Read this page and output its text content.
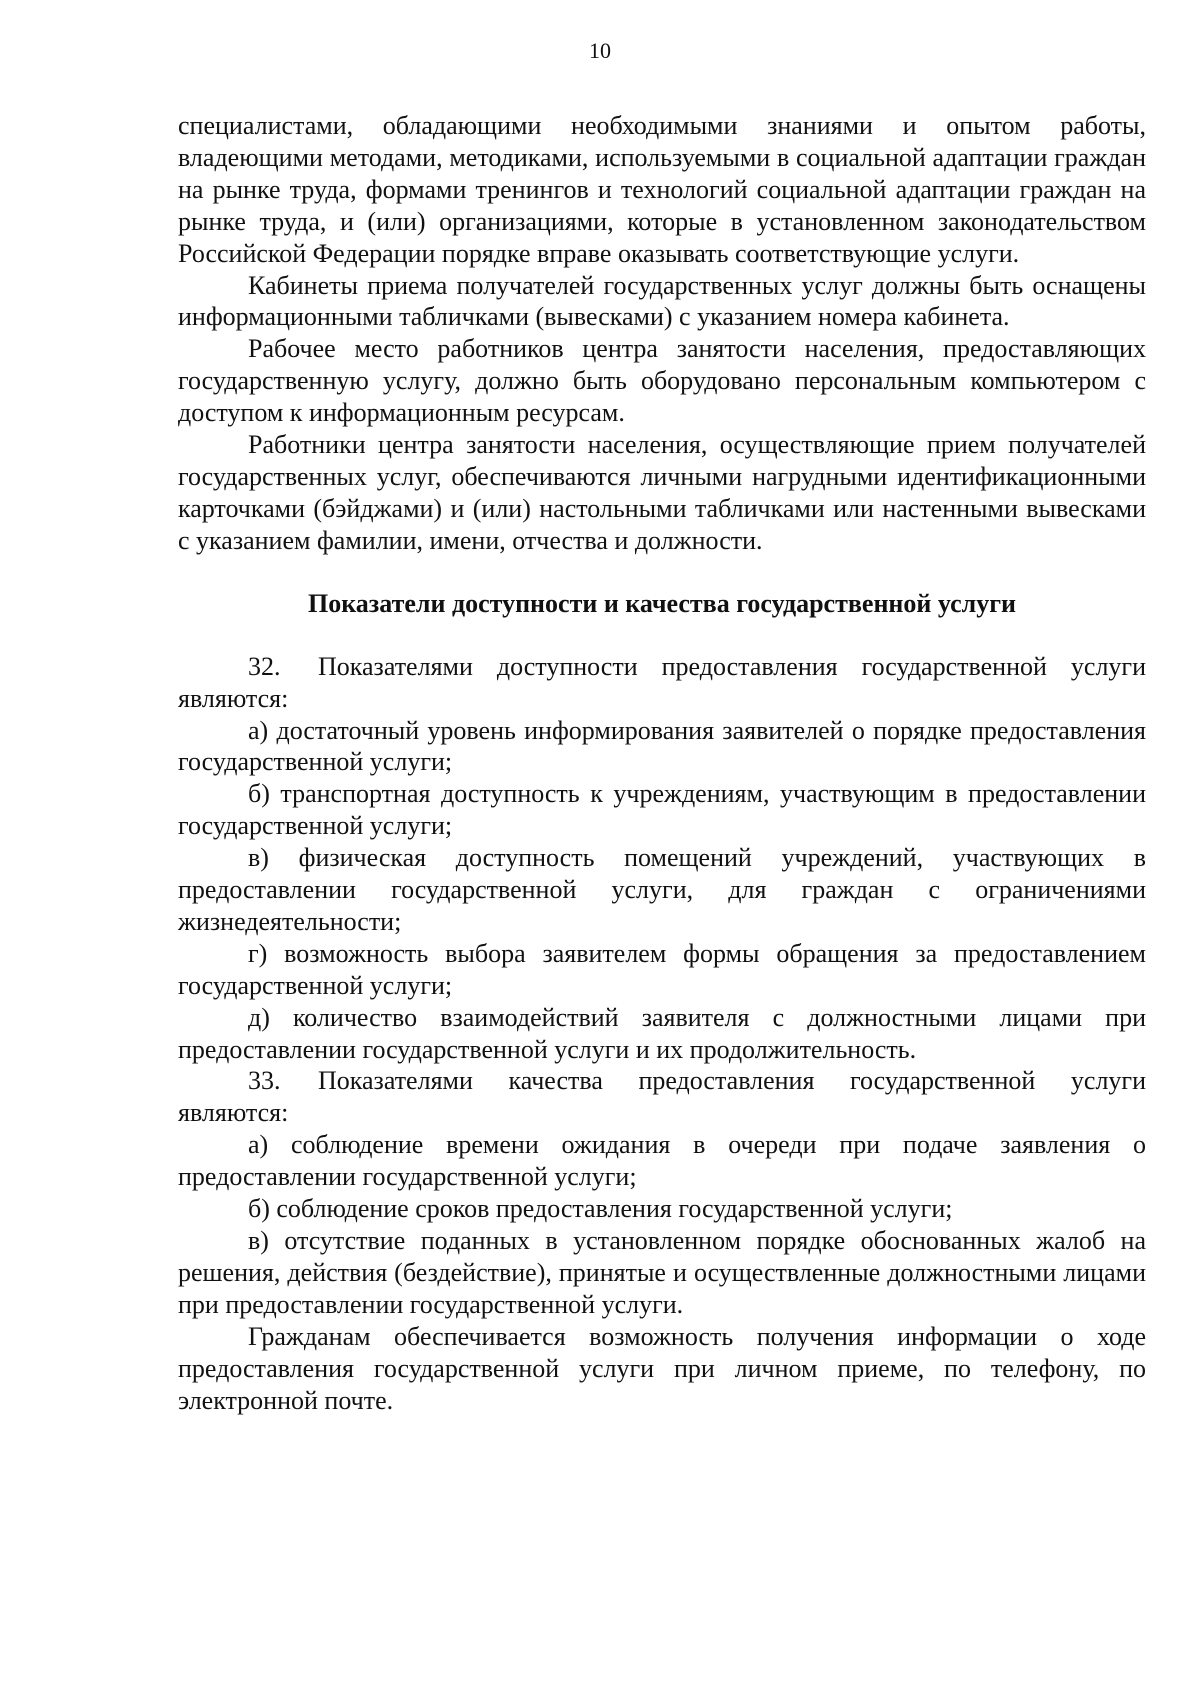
10

специалистами, обладающими необходимыми знаниями и опытом работы, владеющими методами, методиками, используемыми в социальной адаптации граждан на рынке труда, формами тренингов и технологий социальной адаптации граждан на рынке труда, и (или) организациями, которые в установленном законодательством Российской Федерации порядке вправе оказывать соответствующие услуги.

Кабинеты приема получателей государственных услуг должны быть оснащены информационными табличками (вывесками) с указанием номера кабинета.

Рабочее место работников центра занятости населения, предоставляющих государственную услугу, должно быть оборудовано персональным компьютером с доступом к информационным ресурсам.

Работники центра занятости населения, осуществляющие прием получателей государственных услуг, обеспечиваются личными нагрудными идентификационными карточками (бэйджами) и (или) настольными табличками или настенными вывесками с указанием фамилии, имени, отчества и должности.

Показатели доступности и качества государственной услуги

32. Показателями доступности предоставления государственной услуги являются:

а) достаточный уровень информирования заявителей о порядке предоставления государственной услуги;

б) транспортная доступность к учреждениям, участвующим в предоставлении государственной услуги;

в) физическая доступность помещений учреждений, участвующих в предоставлении государственной услуги, для граждан с ограничениями жизнедеятельности;

г) возможность выбора заявителем формы обращения за предоставлением государственной услуги;

д) количество взаимодействий заявителя с должностными лицами при предоставлении государственной услуги и их продолжительность.

33. Показателями качества предоставления государственной услуги являются:

а) соблюдение времени ожидания в очереди при подаче заявления о предоставлении государственной услуги;

б) соблюдение сроков предоставления государственной услуги;

в) отсутствие поданных в установленном порядке обоснованных жалоб на решения, действия (бездействие), принятые и осуществленные должностными лицами при предоставлении государственной услуги.

Гражданам обеспечивается возможность получения информации о ходе предоставления государственной услуги при личном приеме, по телефону, по электронной почте.
